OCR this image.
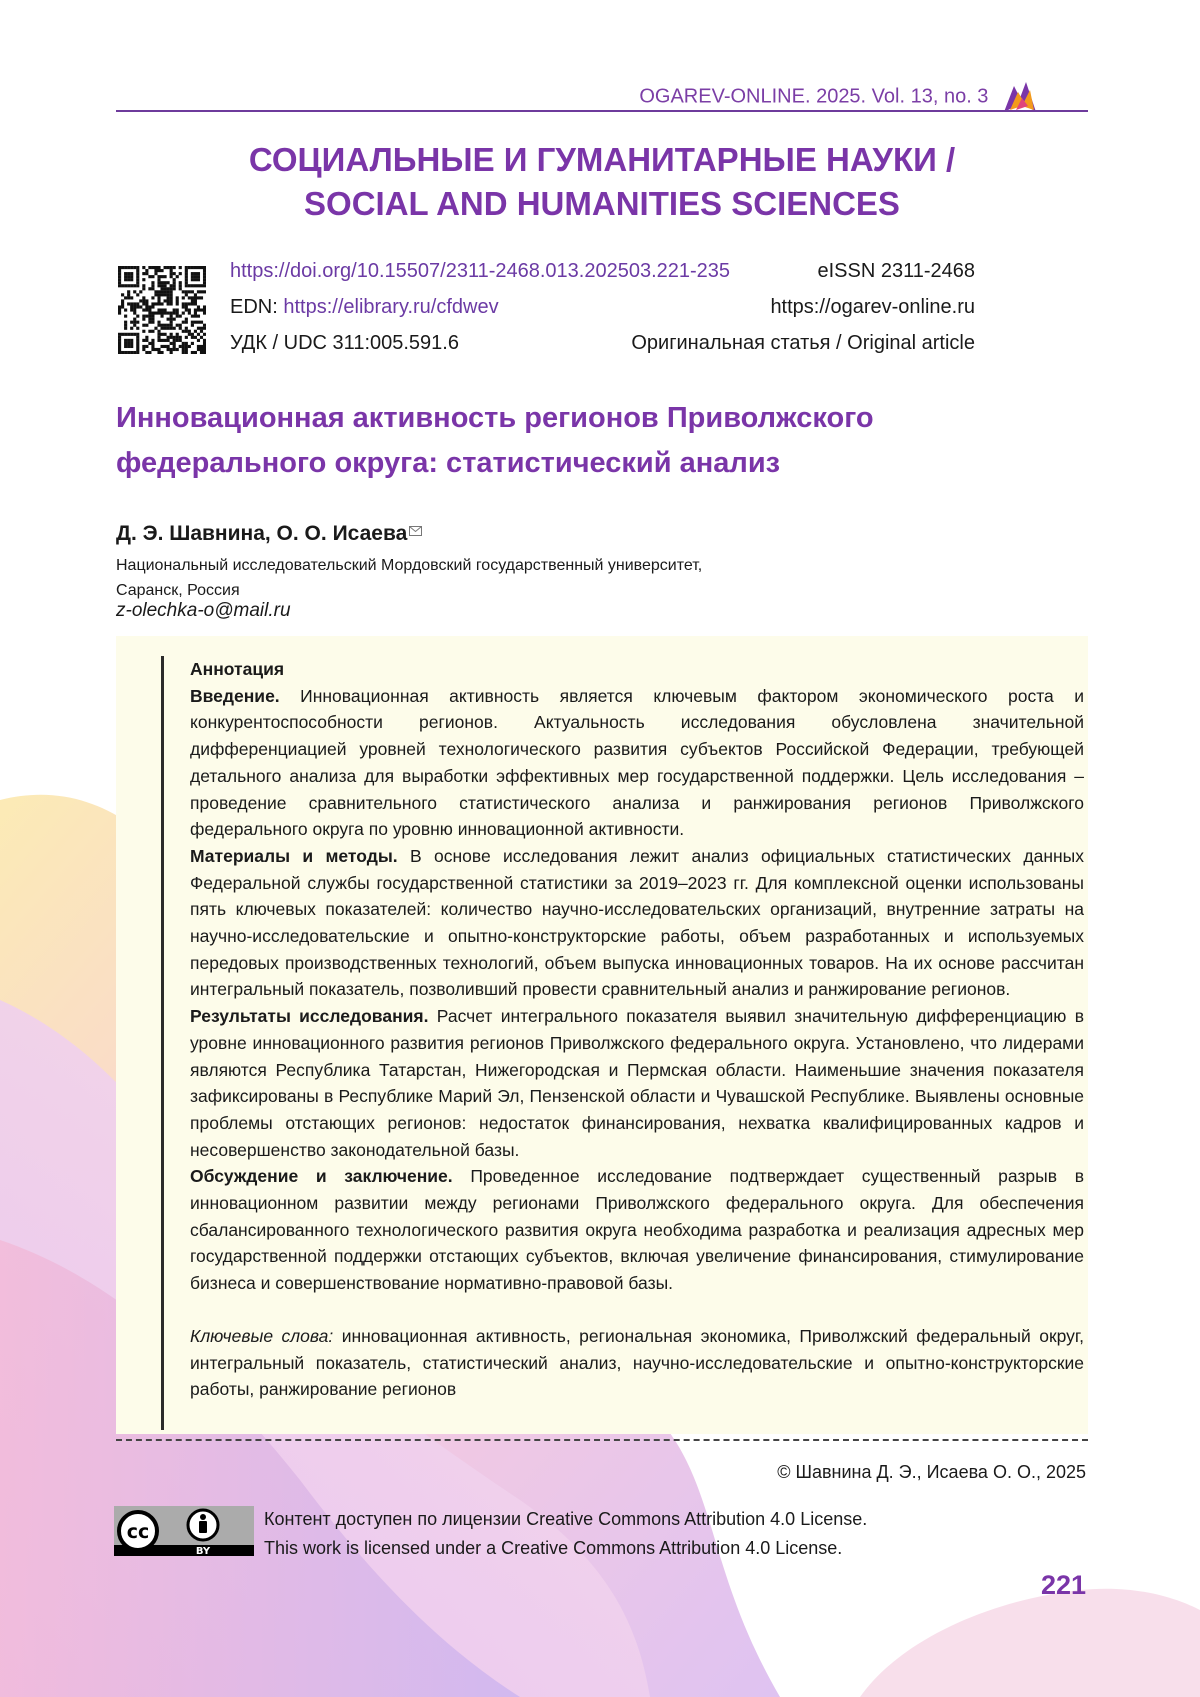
OGAREV-ONLINE. 2025. Vol. 13, no. 3
СОЦИАЛЬНЫЕ И ГУМАНИТАРНЫЕ НАУКИ /
SOCIAL AND HUMANITIES SCIENCES
https://doi.org/10.15507/2311-2468.013.202503.221-235	eISSN 2311-2468
EDN: https://elibrary.ru/cfdwev	https://ogarev-online.ru
УДК / UDC 311:005.591.6	Оригинальная статья / Original article
Инновационная активность регионов Приволжского федерального округа: статистический анализ
Д. Э. Шавнина, О. О. Исаева
Национальный исследовательский Мордовский государственный университет,
Саранск, Россия
z-olechka-o@mail.ru

Аннотация

Введение. Инновационная активность является ключевым фактором экономического роста и конкурентоспособности регионов. Актуальность исследования обусловлена значительной дифференциацией уровней технологического развития субъектов Российской Федерации, требующей детального анализа для выработки эффективных мер государственной поддержки. Цель исследования – проведение сравнительного статистического анализа и ранжирования регионов Приволжского федерального округа по уровню инновационной активности.

Материалы и методы. В основе исследования лежит анализ официальных статистических данных Федеральной службы государственной статистики за 2019–2023 гг. Для комплексной оценки использованы пять ключевых показателей: количество научно-исследовательских организаций, внутренние затраты на научно-исследовательские и опытно-конструкторские работы, объем разработанных и используемых передовых производственных технологий, объем выпуска инновационных товаров. На их основе рассчитан интегральный показатель, позволивший провести сравнительный анализ и ранжирование регионов.

Результаты исследования. Расчет интегрального показателя выявил значительную дифференциацию в уровне инновационного развития регионов Приволжского федерального округа. Установлено, что лидерами являются Республика Татарстан, Нижегородская и Пермская области. Наименьшие значения показателя зафиксированы в Республике Марий Эл, Пензенской области и Чувашской Республике. Выявлены основные проблемы отстающих регионов: недостаток финансирования, нехватка квалифицированных кадров и несовершенство законодательной базы.

Обсуждение и заключение. Проведенное исследование подтверждает существенный разрыв в инновационном развитии между регионами Приволжского федерального округа. Для обеспечения сбалансированного технологического развития округа необходима разработка и реализация адресных мер государственной поддержки отстающих субъектов, включая увеличение финансирования, стимулирование бизнеса и совершенствование нормативно-правовой базы.

Ключевые слова: инновационная активность, региональная экономика, Приволжский федеральный округ, интегральный показатель, статистический анализ, научно-исследовательские и опытно-конструкторские работы, ранжирование регионов

© Шавнина Д. Э., Исаева О. О., 2025
cc
BY
Контент доступен по лицензии Creative Commons Attribution 4.0 License.
This work is licensed under a Creative Commons Attribution 4.0 License.
221
